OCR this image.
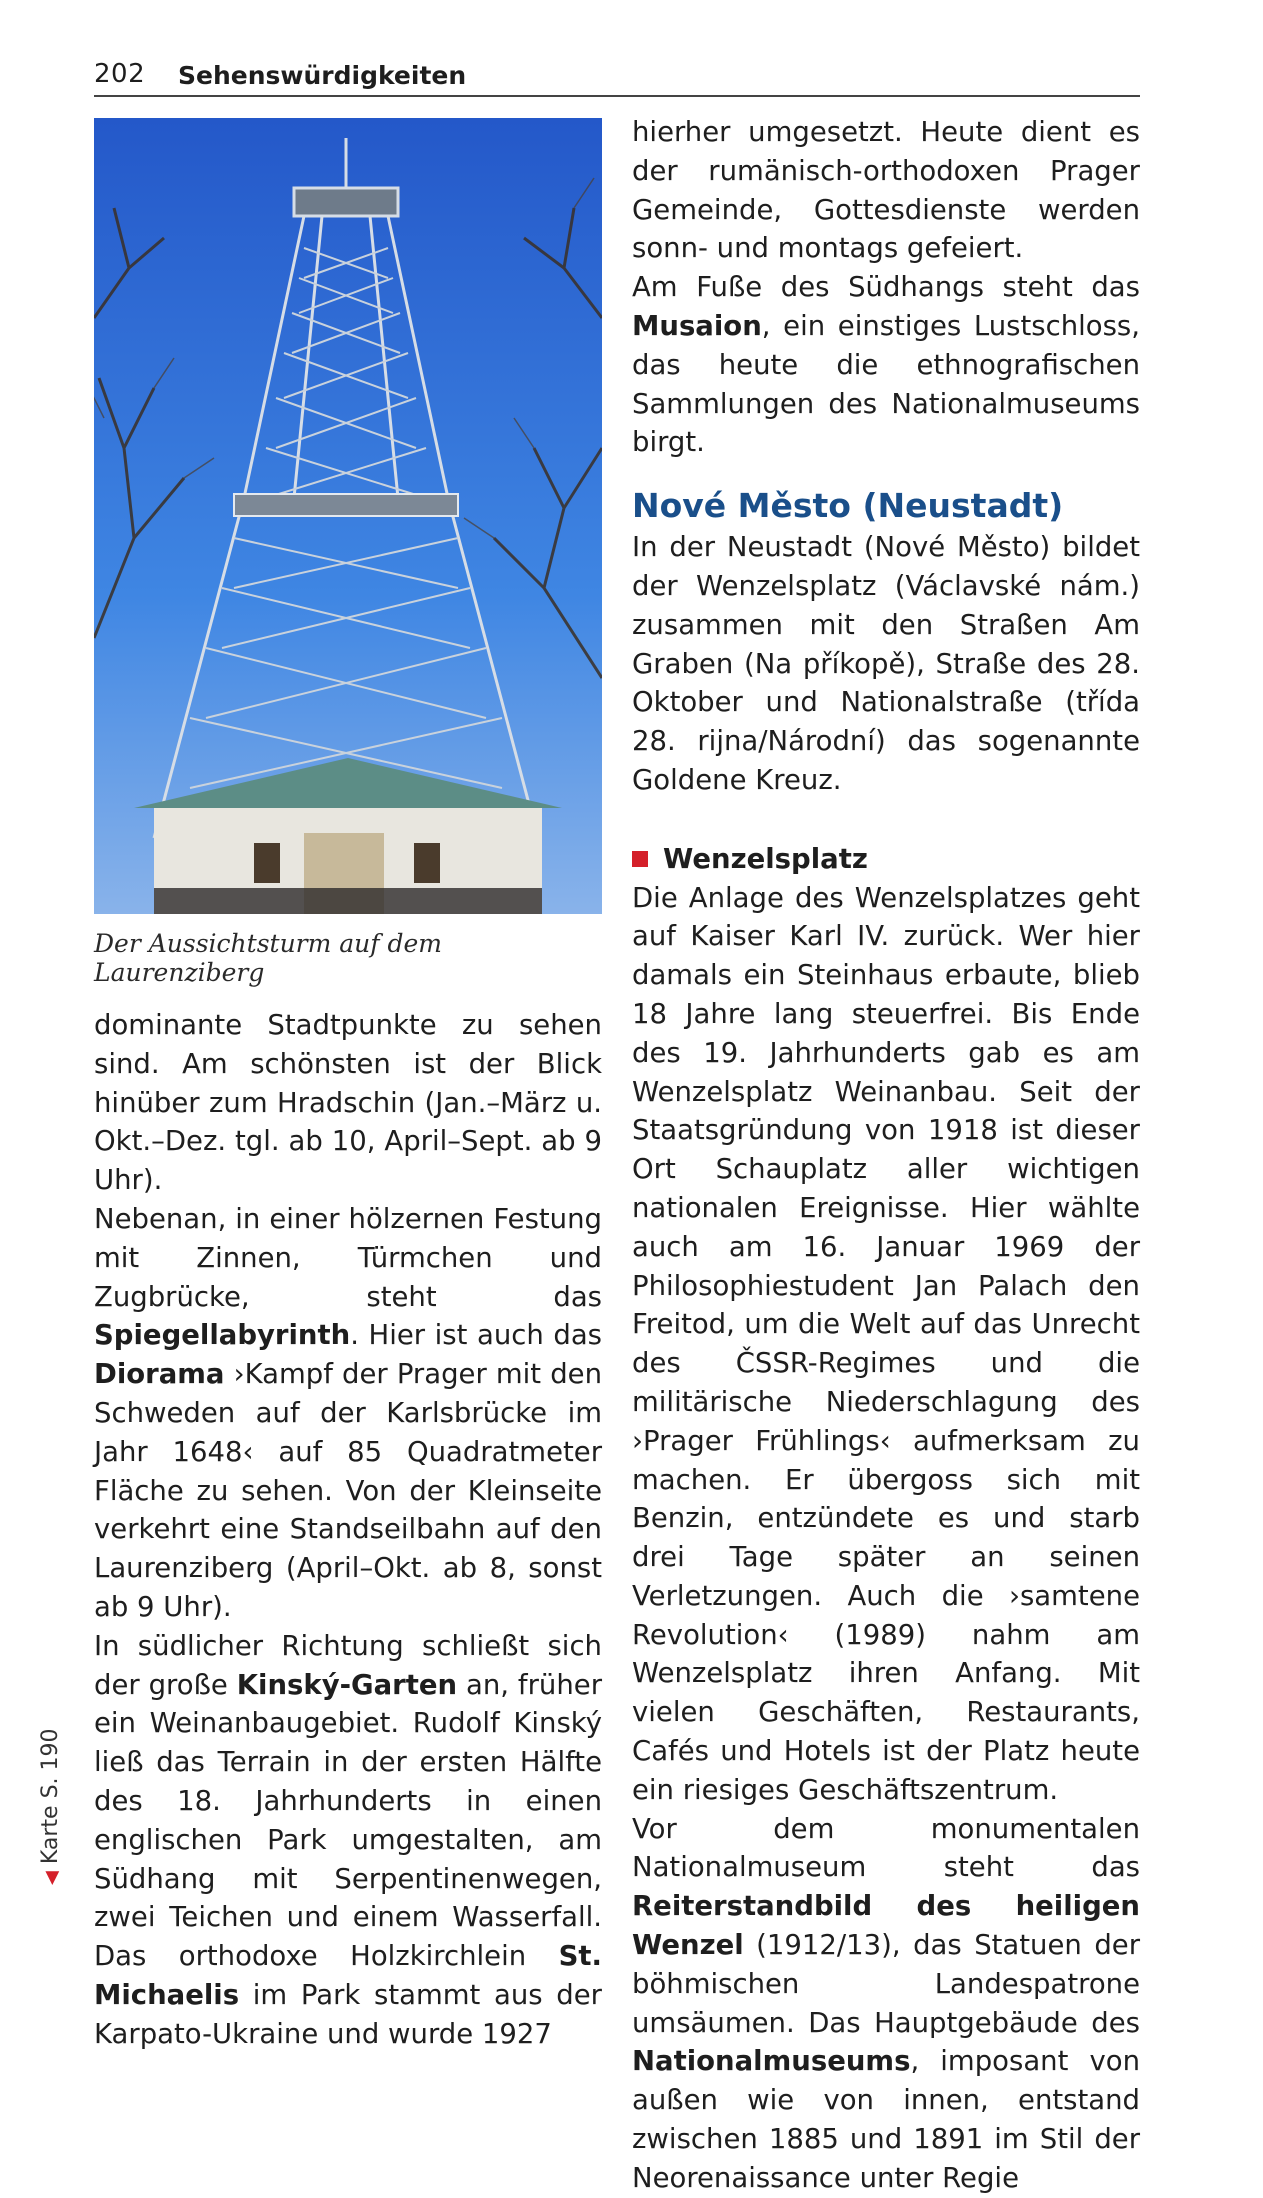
202 Sehenswürdigkeiten
Der Aussichtsturm auf dem Laurenziberg

dominante Stadtpunkte zu sehen sind. Am schönsten ist der Blick hinüber zum Hradschin (Jan.–März u. Okt.–Dez. tgl. ab 10, April–Sept. ab 9 Uhr).

Nebenan, in einer hölzernen Festung mit Zinnen, Türmchen und Zugbrücke, steht das Spiegellabyrinth. Hier ist auch das Diorama ›Kampf der Prager mit den Schweden auf der Karlsbrücke im Jahr 1648‹ auf 85 Quadratmeter Fläche zu sehen. Von der Kleinseite verkehrt eine Standseilbahn auf den Laurenziberg (April–Okt. ab 8, sonst ab 9 Uhr).

In südlicher Richtung schließt sich der große Kinský-Garten an, früher ein Weinanbaugebiet. Rudolf Kinský ließ das Terrain in der ersten Hälfte des 18. Jahrhunderts in einen englischen Park umgestalten, am Südhang mit Serpentinenwegen, zwei Teichen und einem Wasserfall. Das orthodoxe Holzkirchlein St. Michaelis im Park stammt aus der Karpato-Ukraine und wurde 1927

hierher umgesetzt. Heute dient es der rumänisch-orthodoxen Prager Gemeinde, Gottesdienste werden sonn- und montags gefeiert.

Am Fuße des Südhangs steht das Musaion, ein einstiges Lustschloss, das heute die ethnografischen Sammlungen des Nationalmuseums birgt.

Nové Město (Neustadt)

In der Neustadt (Nové Město) bildet der Wenzelsplatz (Václavské nám.) zusammen mit den Straßen Am Graben (Na příkopě), Straße des 28. Oktober und Nationalstraße (třída 28. rijna/Národní) das sogenannte Goldene Kreuz.

Wenzelsplatz

Die Anlage des Wenzelsplatzes geht auf Kaiser Karl IV. zurück. Wer hier damals ein Steinhaus erbaute, blieb 18 Jahre lang steuerfrei. Bis Ende des 19. Jahrhunderts gab es am Wenzelsplatz Weinanbau. Seit der Staatsgründung von 1918 ist dieser Ort Schauplatz aller wichtigen nationalen Ereignisse. Hier wählte auch am 16. Januar 1969 der Philosophiestudent Jan Palach den Freitod, um die Welt auf das Unrecht des ČSSR-Regimes und die militärische Niederschlagung des ›Prager Frühlings‹ aufmerksam zu machen. Er übergoss sich mit Benzin, entzündete es und starb drei Tage später an seinen Verletzungen. Auch die ›samtene Revolution‹ (1989) nahm am Wenzelsplatz ihren Anfang. Mit vielen Geschäften, Restaurants, Cafés und Hotels ist der Platz heute ein riesiges Geschäftszentrum.

Vor dem monumentalen Nationalmuseum steht das Reiterstandbild des heiligen Wenzel (1912/13), das Statuen der böhmischen Landespatrone umsäumen. Das Hauptgebäude des Nationalmuseums, imposant von außen wie von innen, entstand zwischen 1885 und 1891 im Stil der Neorenaissance unter Regie

◀ Karte S. 190
